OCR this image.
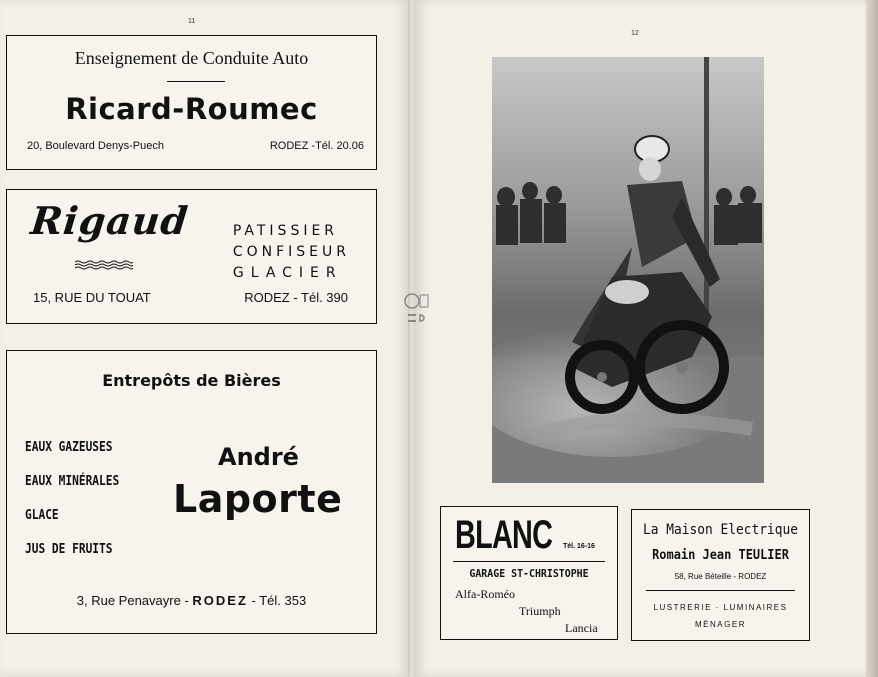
11
Enseignement de Conduite Auto
Ricard-Roumec
20, Boulevard Denys-Puech	RODEZ -Tél. 20.06
Rigaud	PATISSIER
CONFISEUR
GLACIER
15, RUE DU TOUAT	RODEZ - Tél. 390
Entrepôts de Bières
EAUX GAZEUSES
EAUX MINÉRALES
GLACE
JUS DE FRUITS
André
Laporte
3, Rue Penavayre - RODEZ - Tél. 353
12
BLANC Tél. 16-16
GARAGE ST-CHRISTOPHE
Alfa-Roméo
Triumph
Lancia
La Maison Electrique
Romain Jean TEULIER
58, Rue Béteille - RODEZ
LUSTRERIE · LUMINAIRES
MÉNAGER
